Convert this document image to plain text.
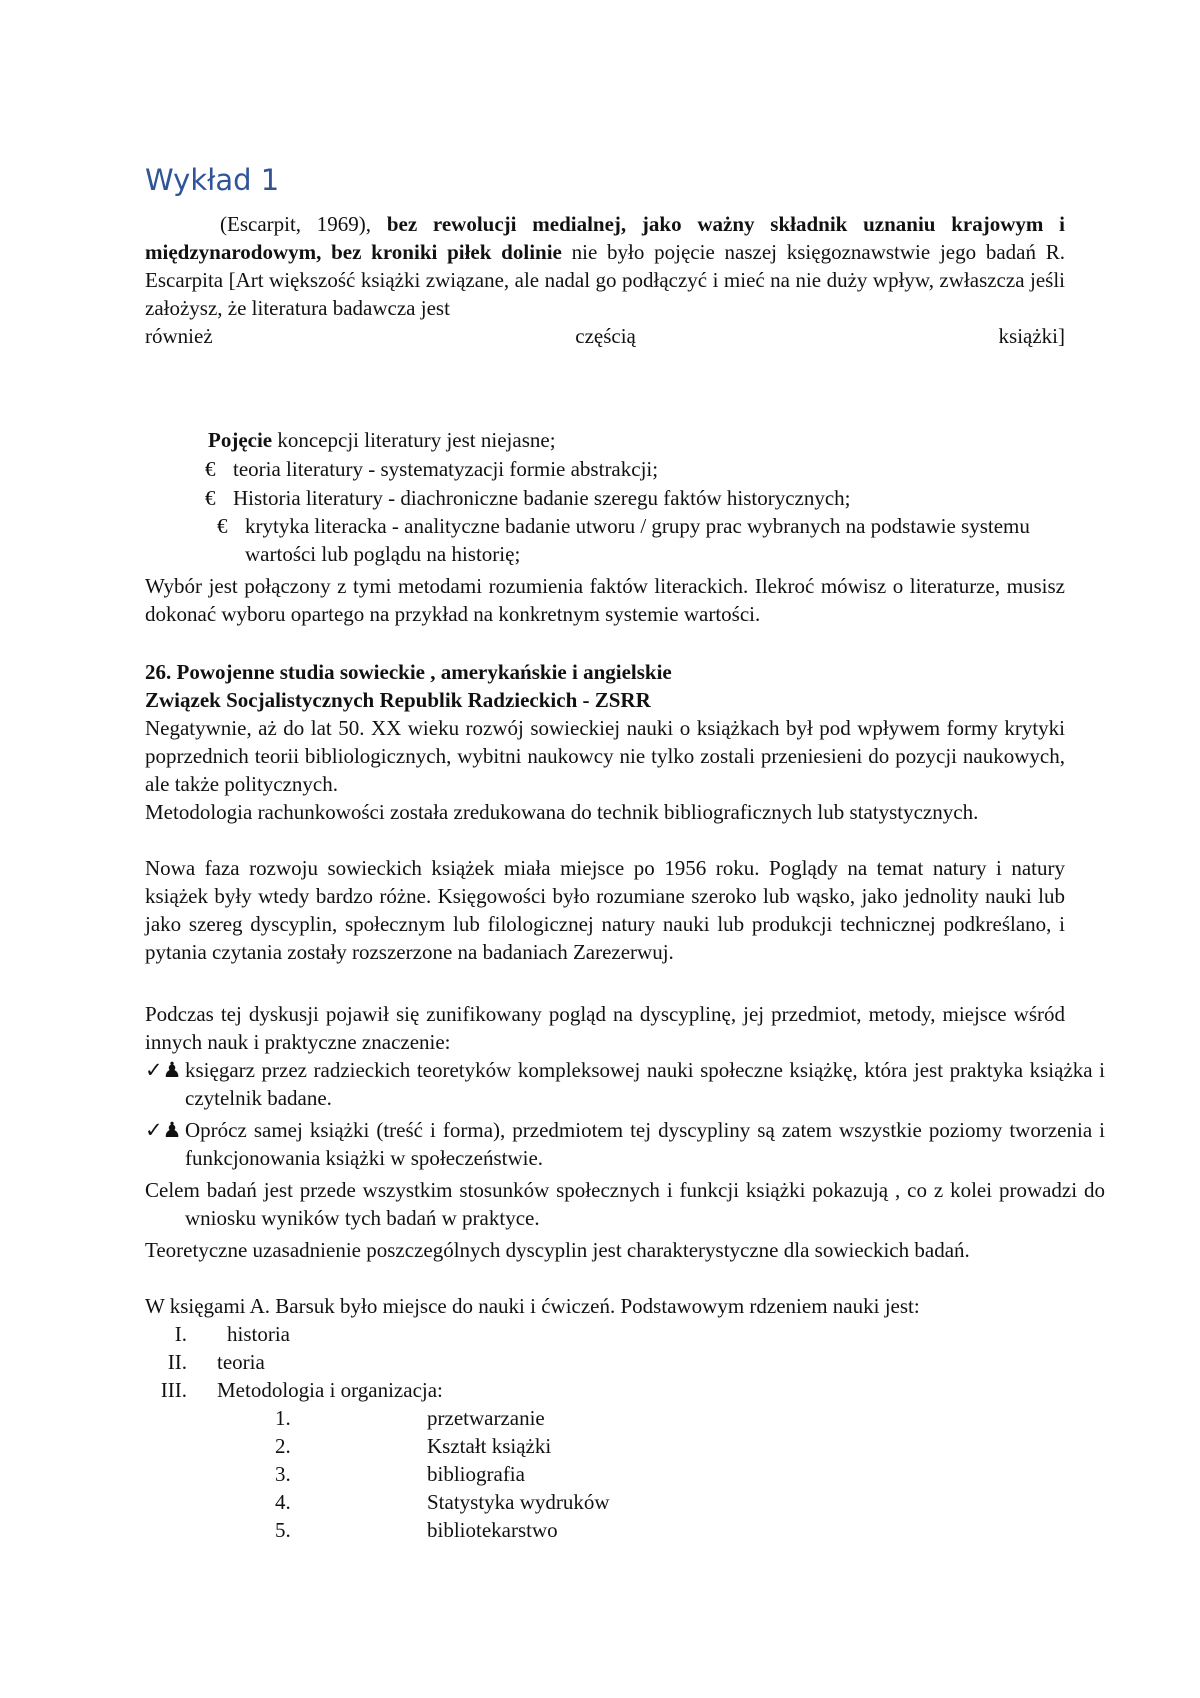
Wykład 1

(Escarpit, 1969), bez rewolucji medialnej, jako ważny składnik uznaniu krajowym i międzynarodowym, bez kroniki piłek dolinie nie było pojęcie naszej księgoznawstwie jego badań R. Escarpita [Art większość książki związane, ale nadal go podłączyć i mieć na nie duży wpływ, zwłaszcza jeśli założysz, że literatura badawcza jest

również	częścią	książki]

Pojęcie koncepcji literatury jest niejasne;

€ teoria literatury - systematyzacji formie abstrakcji;

€ Historia literatury - diachroniczne badanie szeregu faktów historycznych;

€ krytyka literacka - analityczne badanie utworu / grupy prac wybranych na podstawie systemu wartości lub poglądu na historię;

Wybór jest połączony z tymi metodami rozumienia faktów literackich. Ilekroć mówisz o literaturze, musisz dokonać wyboru opartego na przykład na konkretnym systemie wartości.

26. Powojenne studia sowieckie , amerykańskie i angielskie

Związek Socjalistycznych Republik Radzieckich - ZSRR

Negatywnie, aż do lat 50. XX wieku rozwój sowieckiej nauki o książkach był pod wpływem formy krytyki poprzednich teorii bibliologicznych, wybitni naukowcy nie tylko zostali przeniesieni do pozycji naukowych, ale także politycznych.

Metodologia rachunkowości została zredukowana do technik bibliograficznych lub statystycznych.

Nowa faza rozwoju sowieckich książek miała miejsce po 1956 roku. Poglądy na temat natury i natury książek były wtedy bardzo różne. Księgowości było rozumiane szeroko lub wąsko, jako jednolity nauki lub jako szereg dyscyplin, społecznym lub filologicznej natury nauki lub produkcji technicznej podkreślano, i pytania czytania zostały rozszerzone na badaniach Zarezerwuj.

Podczas tej dyskusji pojawił się zunifikowany pogląd na dyscyplinę, jej przedmiot, metody, miejsce wśród innych nauk i praktyczne znaczenie:

✓♟ księgarz przez radzieckich teoretyków kompleksowej nauki społeczne książkę, która jest praktyka książka i czytelnik badane.

✓♟ Oprócz samej książki (treść i forma), przedmiotem tej dyscypliny są zatem wszystkie poziomy tworzenia i funkcjonowania książki w społeczeństwie.

Celem badań jest przede wszystkim stosunków społecznych i funkcji książki pokazują , co z kolei prowadzi do wniosku wyników tych badań w praktyce.

Teoretyczne uzasadnienie poszczególnych dyscyplin jest charakterystyczne dla sowieckich badań.

W księgami A. Barsuk było miejsce do nauki i ćwiczeń. Podstawowym rdzeniem nauki jest:

I. historia
II. teoria
III. Metodologia i organizacja:
1.	przetwarzanie
2.	Kształt książki
3.	bibliografia
4.	Statystyka wydruków
5.	bibliotekarstwo
